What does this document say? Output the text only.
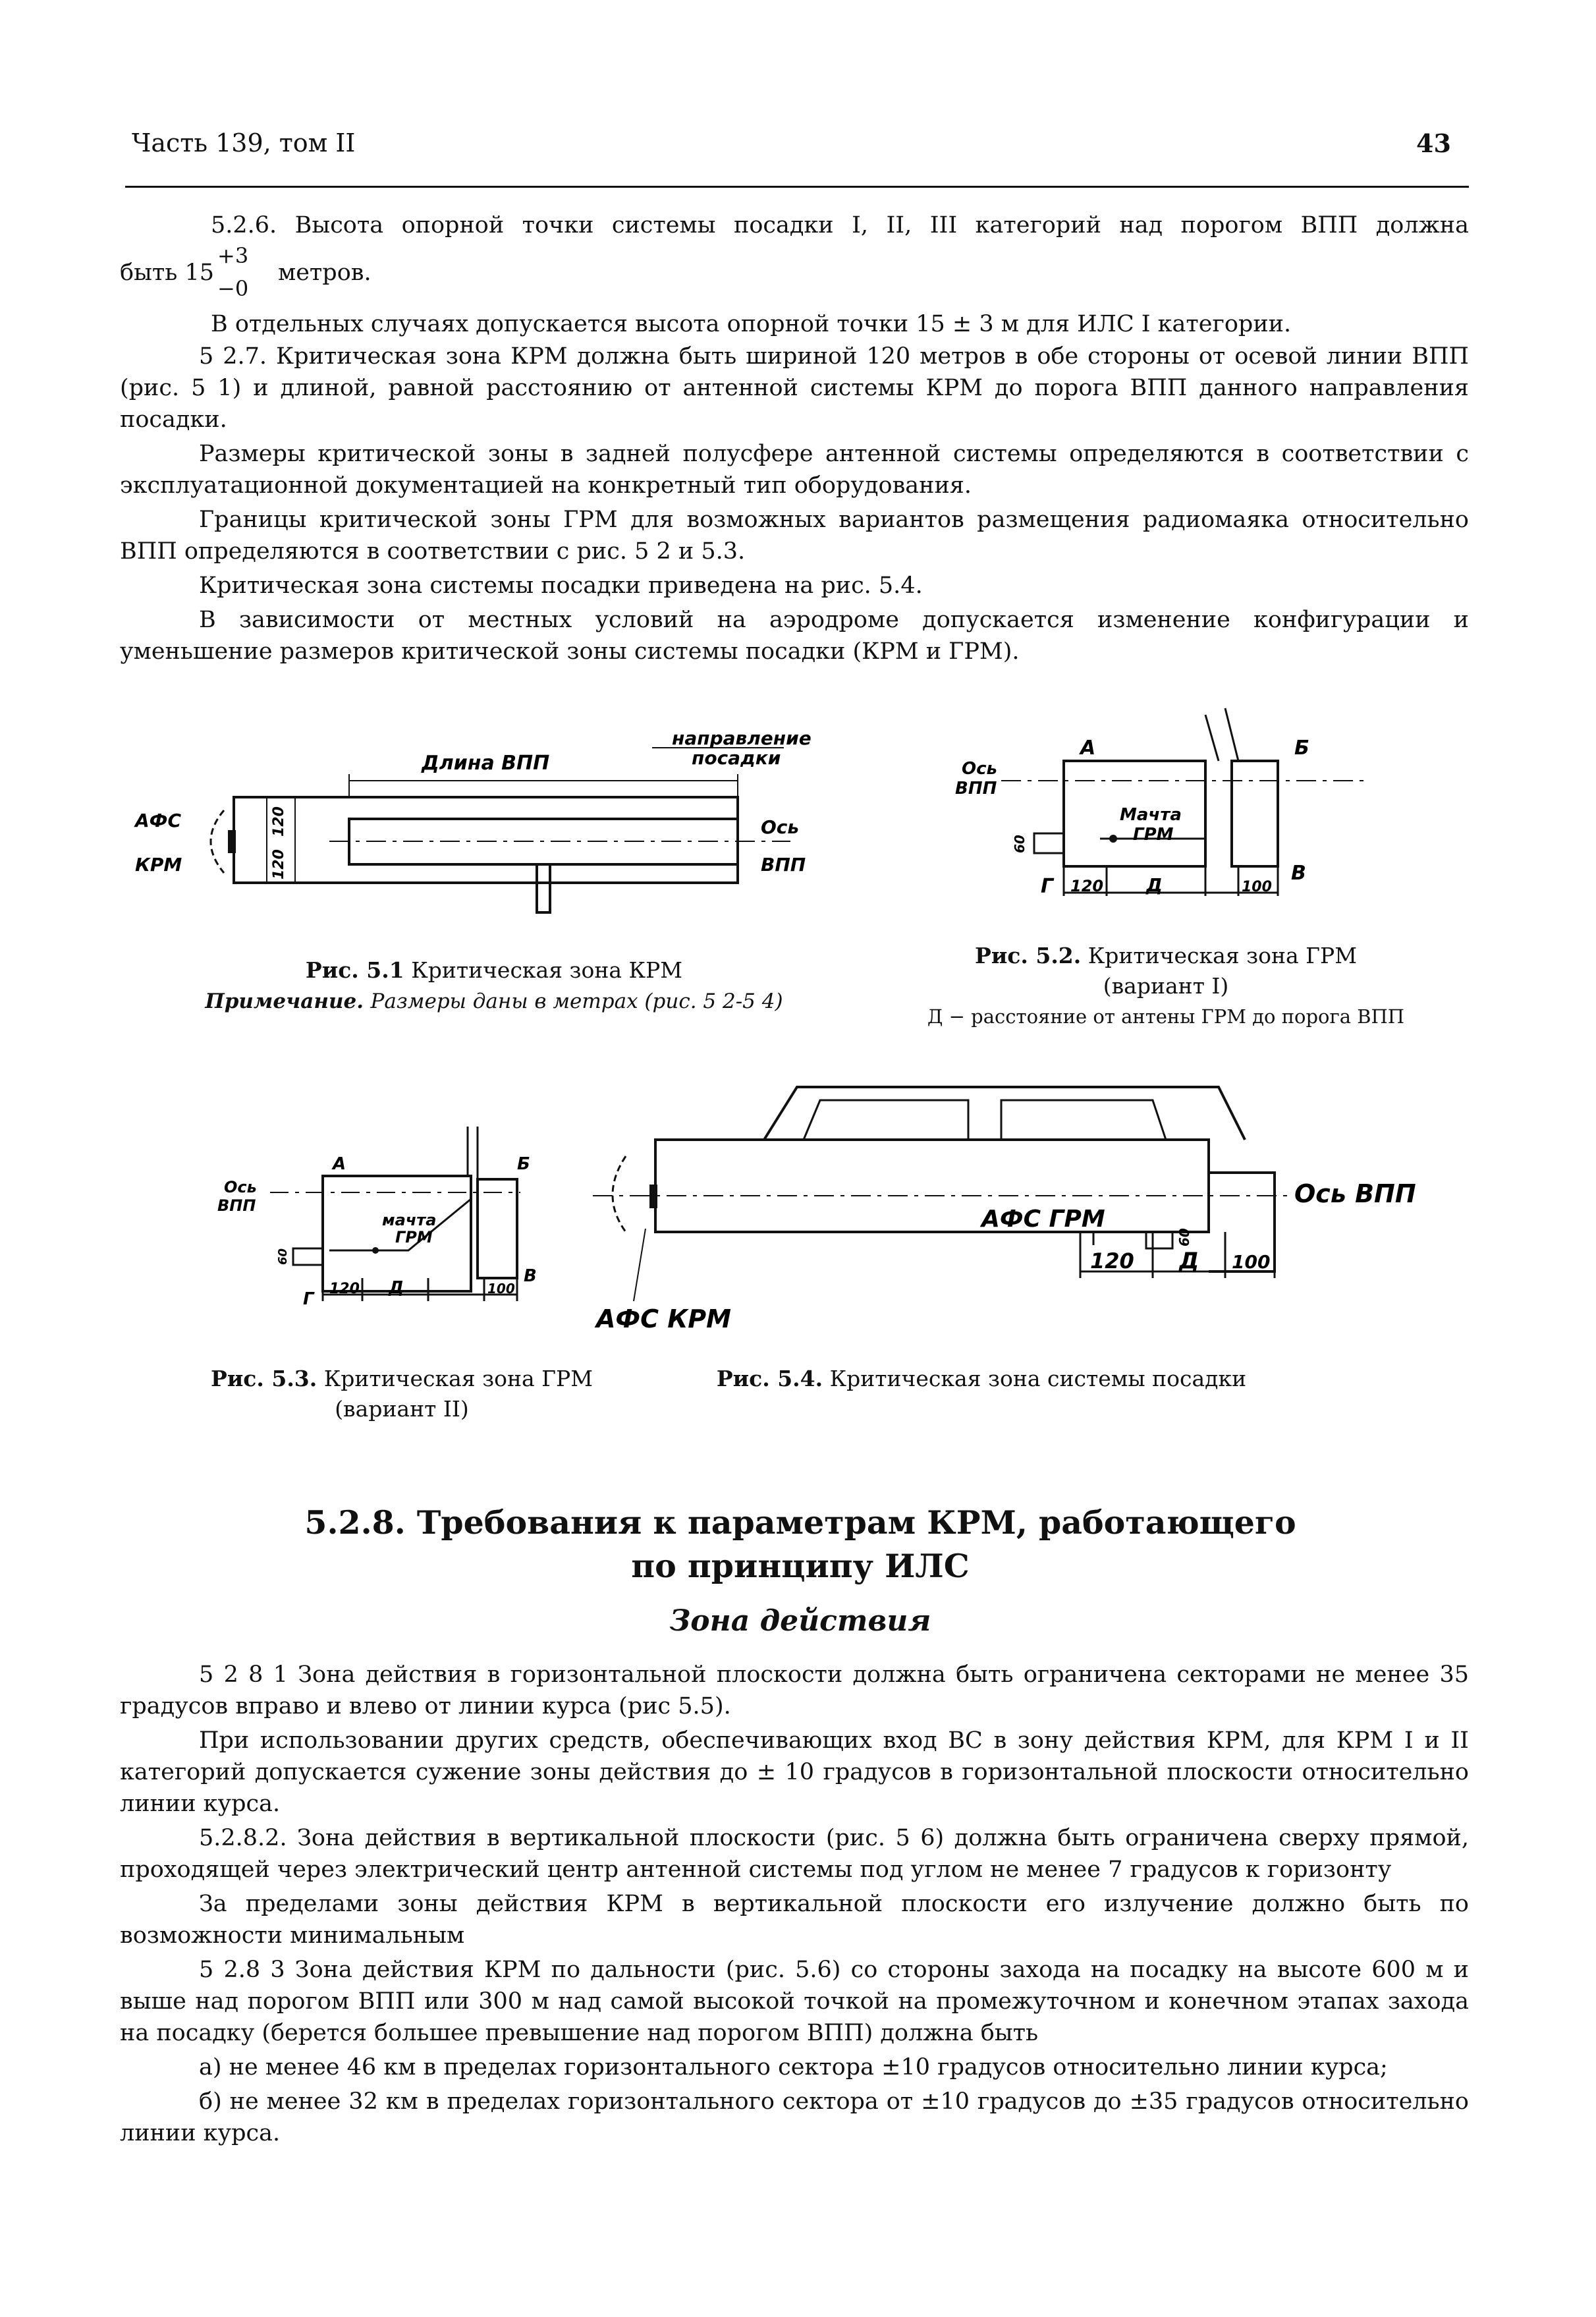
Часть 139, том II	43
5.2.6. Высота опорной точки системы посадки I, II, III категорий над порогом ВПП должна
быть 15
+3
−0
метров.
В отдельных случаях допускается высота опорной точки 15 ± 3 м для ИЛС I категории.
5 2.7. Критическая зона КРМ должна быть шириной 120 метров в обе стороны от осевой линии ВПП (рис. 5 1) и длиной, равной расстоянию от антенной системы КРМ до порога ВПП данного направления посадки.
Размеры критической зоны в задней полусфере антенной системы определяются в соответствии с эксплуатационной документацией на конкретный тип оборудования.
Границы критической зоны ГРМ для возможных вариантов размещения радиомаяка относительно ВПП определяются в соответствии с рис. 5 2 и 5.3.
Критическая зона системы посадки приведена на рис. 5.4.
В зависимости от местных условий на аэродроме допускается изменение конфигурации и уменьшение размеров критической зоны системы посадки (КРМ и ГРМ).
направление
посадки
Длина ВПП
АФС
КРМ
120
120
Ось
ВПП
Рис. 5.1 Критическая зона КРМ
Примечание. Размеры даны в метрах (рис. 5 2-5 4)
А	Б
В
Г
Ось
ВПП
Мачта
ГРМ
120 Д	100
60
Рис. 5.2. Критическая зона ГРМ
(вариант I)
Д − расстояние от антены ГРМ до порога ВПП
А	Б
В
Г
Ось
ВПП
мачта
ГРМ
120 Д	100
60
Рис. 5.3. Критическая зона ГРМ
(вариант II)
Ось ВПП
АФС ГРМ
АФС КРМ
120 Д 100
60
Рис. 5.4. Критическая зона системы посадки
5.2.8. Требования к параметрам КРМ, работающего
по принципу ИЛС
Зона действия
5 2 8 1 Зона действия в горизонтальной плоскости должна быть ограничена секторами не менее 35 градусов вправо и влево от линии курса (рис 5.5).
При использовании других средств, обеспечивающих вход ВС в зону действия КРМ, для КРМ I и II категорий допускается сужение зоны действия до ± 10 градусов в горизонтальной плоскости относительно линии курса.
5.2.8.2. Зона действия в вертикальной плоскости (рис. 5 6) должна быть ограничена сверху прямой, проходящей через электрический центр антенной системы под углом не менее 7 градусов к горизонту
За пределами зоны действия КРМ в вертикальной плоскости его излучение должно быть по возможности минимальным
5 2.8 3 Зона действия КРМ по дальности (рис. 5.6) со стороны захода на посадку на высоте 600 м и выше над порогом ВПП или 300 м над самой высокой точкой на промежуточном и конечном этапах захода на посадку (берется большее превышение над порогом ВПП) должна быть
а) не менее 46 км в пределах горизонтального сектора ±10 градусов относительно линии курса;
б) не менее 32 км в пределах горизонтального сектора от ±10 градусов до ±35 градусов относительно линии курса.
